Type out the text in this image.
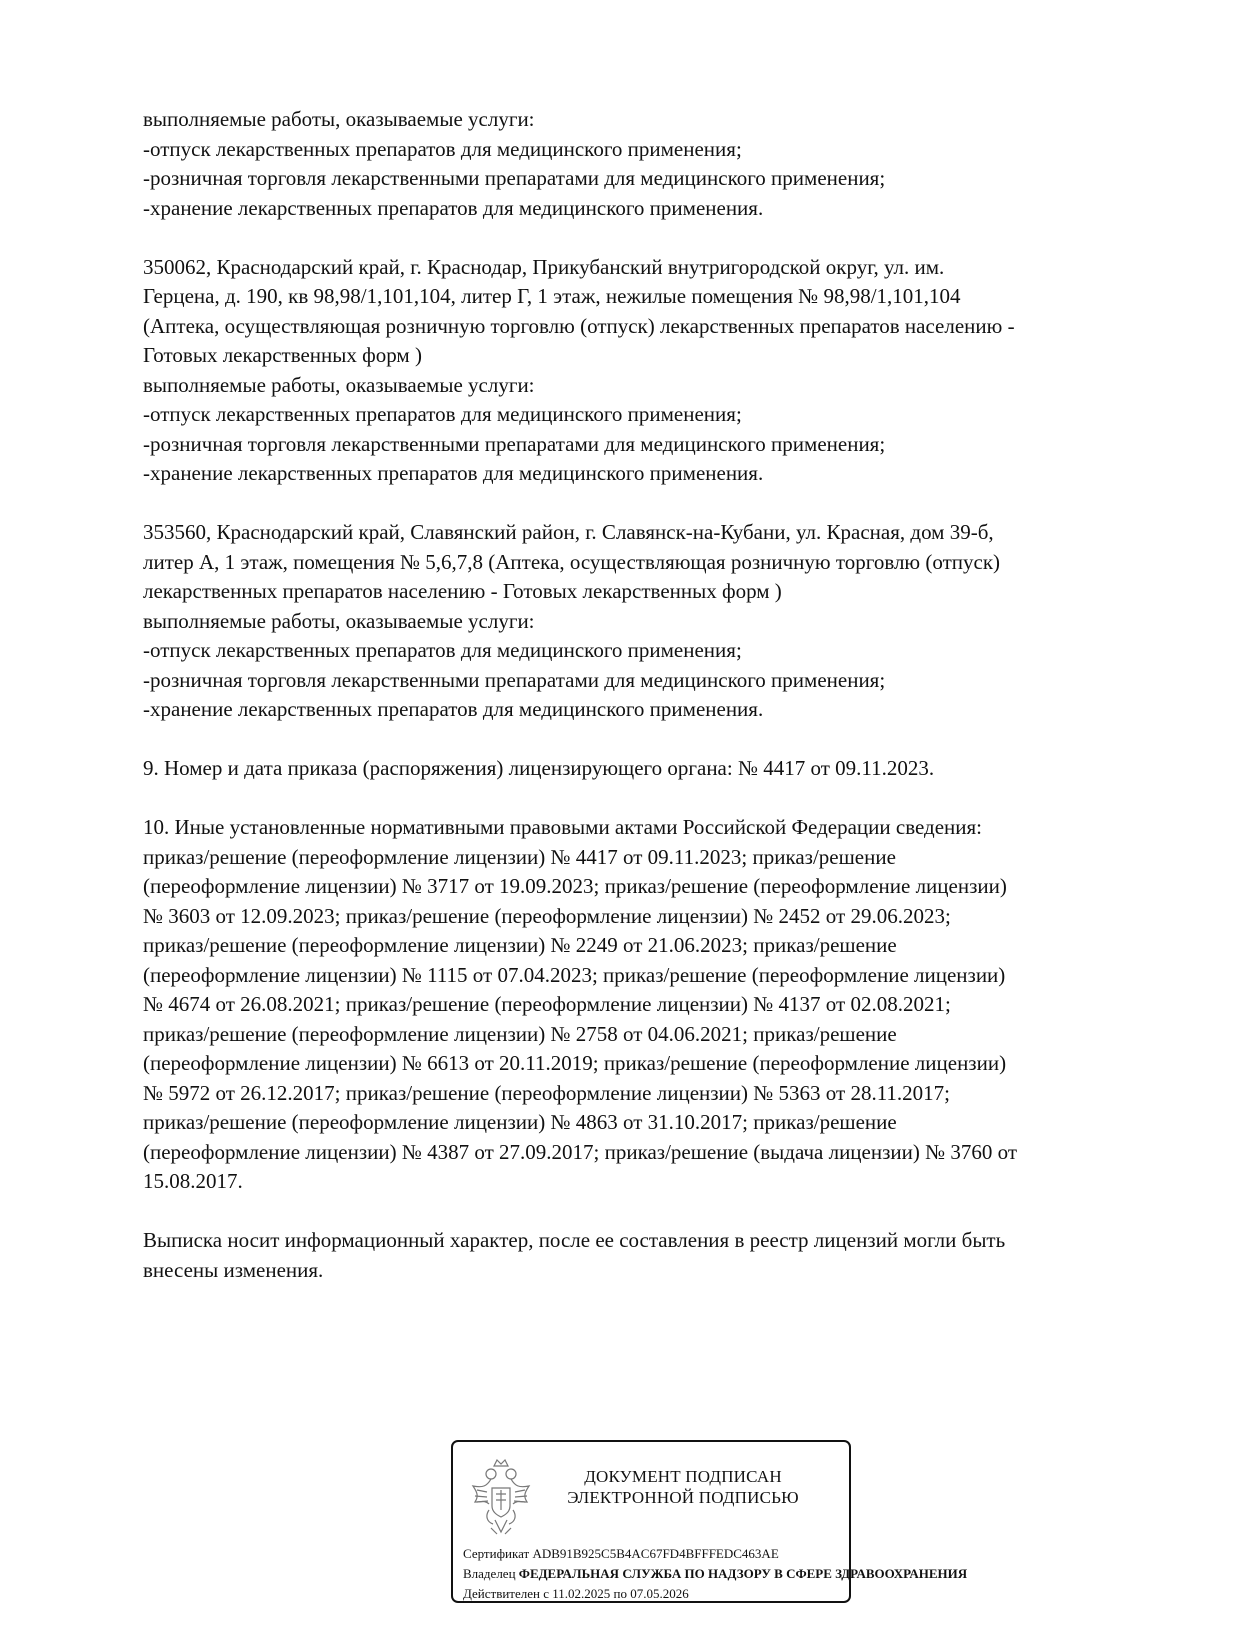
выполняемые работы, оказываемые услуги:
-отпуск лекарственных препаратов для медицинского применения;
-розничная торговля лекарственными препаратами для медицинского применения;
-хранение лекарственных препаратов для медицинского применения.
350062, Краснодарский край, г. Краснодар, Прикубанский внутригородской округ, ул. им.
Герцена, д. 190, кв 98,98/1,101,104, литер Г, 1 этаж, нежилые помещения № 98,98/1,101,104
(Аптека, осуществляющая розничную торговлю (отпуск) лекарственных препаратов населению -
Готовых лекарственных форм )
выполняемые работы, оказываемые услуги:
-отпуск лекарственных препаратов для медицинского применения;
-розничная торговля лекарственными препаратами для медицинского применения;
-хранение лекарственных препаратов для медицинского применения.
353560, Краснодарский край, Славянский район, г. Славянск-на-Кубани, ул. Красная, дом 39-б,
литер А, 1 этаж, помещения № 5,6,7,8 (Аптека, осуществляющая розничную торговлю (отпуск)
лекарственных препаратов населению - Готовых лекарственных форм )
выполняемые работы, оказываемые услуги:
-отпуск лекарственных препаратов для медицинского применения;
-розничная торговля лекарственными препаратами для медицинского применения;
-хранение лекарственных препаратов для медицинского применения.
9. Номер и дата приказа (распоряжения) лицензирующего органа: № 4417 от 09.11.2023.
10. Иные установленные нормативными правовыми актами Российской Федерации сведения:
приказ/решение (переоформление лицензии) № 4417 от 09.11.2023; приказ/решение
(переоформление лицензии) № 3717 от 19.09.2023; приказ/решение (переоформление лицензии)
№ 3603 от 12.09.2023; приказ/решение (переоформление лицензии) № 2452 от 29.06.2023;
приказ/решение (переоформление лицензии) № 2249 от 21.06.2023; приказ/решение
(переоформление лицензии) № 1115 от 07.04.2023; приказ/решение (переоформление лицензии)
№ 4674 от 26.08.2021; приказ/решение (переоформление лицензии) № 4137 от 02.08.2021;
приказ/решение (переоформление лицензии) № 2758 от 04.06.2021; приказ/решение
(переоформление лицензии) № 6613 от 20.11.2019; приказ/решение (переоформление лицензии)
№ 5972 от 26.12.2017; приказ/решение (переоформление лицензии) № 5363 от 28.11.2017;
приказ/решение (переоформление лицензии) № 4863 от 31.10.2017; приказ/решение
(переоформление лицензии) № 4387 от 27.09.2017; приказ/решение (выдача лицензии) № 3760 от
15.08.2017.
Выписка носит информационный характер, после ее составления в реестр лицензий могли быть
внесены изменения.
ДОКУМЕНТ ПОДПИСАН
ЭЛЕКТРОННОЙ ПОДПИСЬЮ
Сертификат ADB91B925C5B4AC67FD4BFFFEDC463AE
Владелец ФЕДЕРАЛЬНАЯ СЛУЖБА ПО НАДЗОРУ В СФЕРЕ ЗДРАВООХРАНЕНИЯ
Действителен с 11.02.2025 по 07.05.2026
